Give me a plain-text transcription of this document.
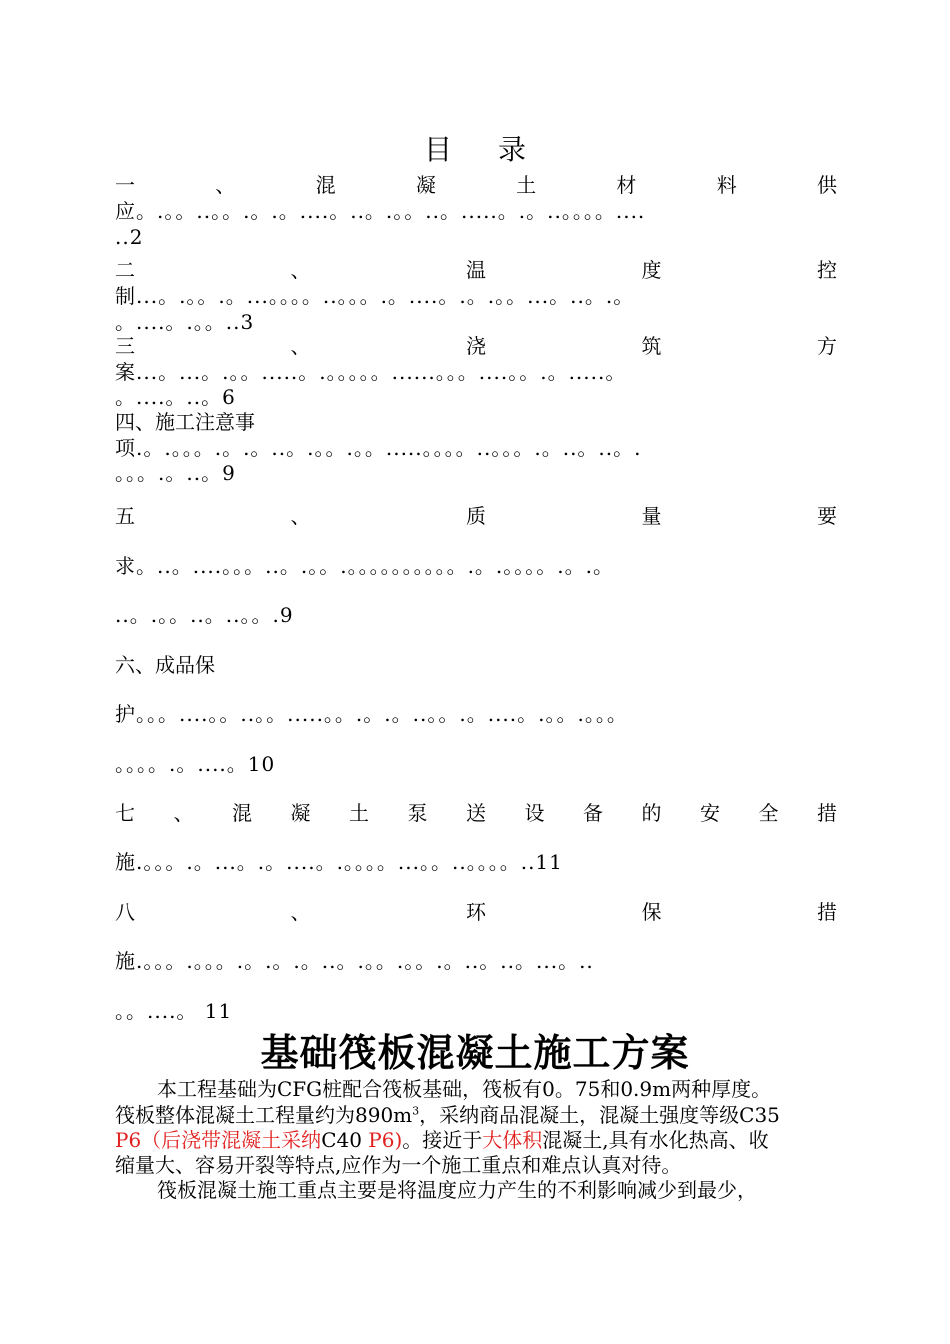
目录
一	、	混	凝	土	材	料	供
应。.。。..。。.。.。....。..。.。。..。.....。.。..。。。。....
..2
二	、	温	度	控
制...。.。。.。...。。。。..。。。.。....。.。.。。...。..。.。
。....。.。。..3
三	、	浇	筑	方
案...。...。.。。.....。.。。。。。......。。。....。。.。.....。
。....。..。6
四、施工注意事
项.。.。。。.。.。..。.。。.。。.....。。。。..。。。.。..。..。.
。。。.。..。9
五	、	质	量	要
求。..。....。。。..。.。。.。。。。。。。。。。.。.。。。。.。.。
..。.。。..。..。。.9
六、成品保
护。。。....。。..。。.....。。.。.。..。。.。....。.。。.。。。
。。。。.。....。10
七 、 混 凝 土 泵 送 设 备 的 安 全 措
施.。。。.。...。.。....。.。。。。...。。..。。。。..11
八	、	环	保	措
施.。。。.。。。.。.。.。..。.。。.。。.。..。..。...。..
。。....。 11
基础筏板混凝土施工方案
本工程基础为CFG桩配合筏板基础，筏板有0。75和0.9m两种厚度。
筏板整体混凝土工程量约为$890m^3$，采纳商品混凝土，混凝土强度等级C35
P6（后浇带混凝土采纳C40 P6)。接近于大体积混凝土,具有水化热高、收
缩量大、容易开裂等特点,应作为一个施工重点和难点认真对待。
筏板混凝土施工重点主要是将温度应力产生的不利影响减少到最少，
